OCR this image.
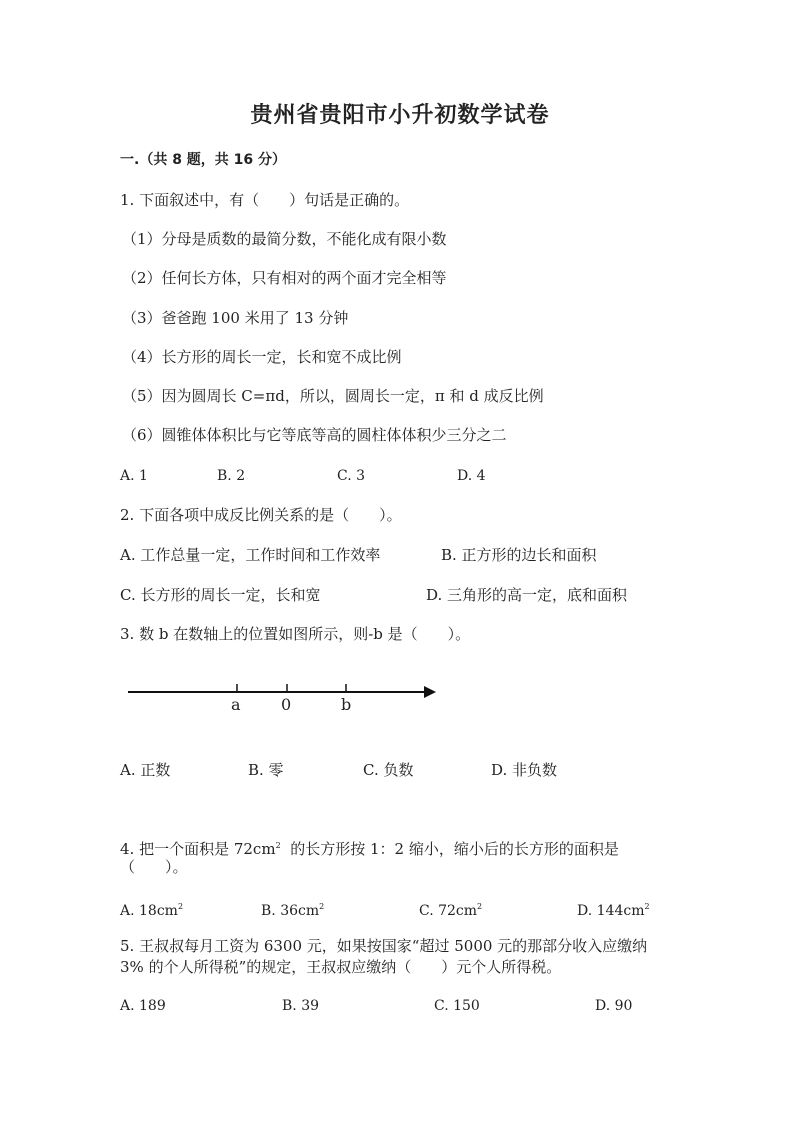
贵州省贵阳市小升初数学试卷
一.（共 8 题，共 16 分）
1. 下面叙述中，有（　　）句话是正确的。
（1）分母是质数的最简分数，不能化成有限小数
（2）任何长方体，只有相对的两个面才完全相等
（3）爸爸跑 100 米用了 13 分钟
（4）长方形的周长一定，长和宽不成比例
（5）因为圆周长 C=πd，所以，圆周长一定，π 和 d 成反比例
（6）圆锥体体积比与它等底等高的圆柱体体积少三分之二
A. 1	B. 2	C. 3	D. 4
2. 下面各项中成反比例关系的是（　　）。
A. 工作总量一定，工作时间和工作效率	B. 正方形的边长和面积
C. 长方形的周长一定，长和宽	D. 三角形的高一定，底和面积
3. 数 b 在数轴上的位置如图所示，则-b 是（　　）。
a	0	b
A. 正数	B. 零	C. 负数	D. 非负数
4. 把一个面积是 $72cm^2$ 的长方形按 1：2 缩小，缩小后的长方形的面积是
（　　）。
A. $18cm^2$	B. $36cm^2$	C. $72cm^2$	D. $144cm^2$
5. 王叔叔每月工资为 6300 元，如果按国家“超过 5000 元的那部分收入应缴纳
3% 的个人所得税”的规定，王叔叔应缴纳（　　）元个人所得税。
A. 189	B. 39	C. 150	D. 90
